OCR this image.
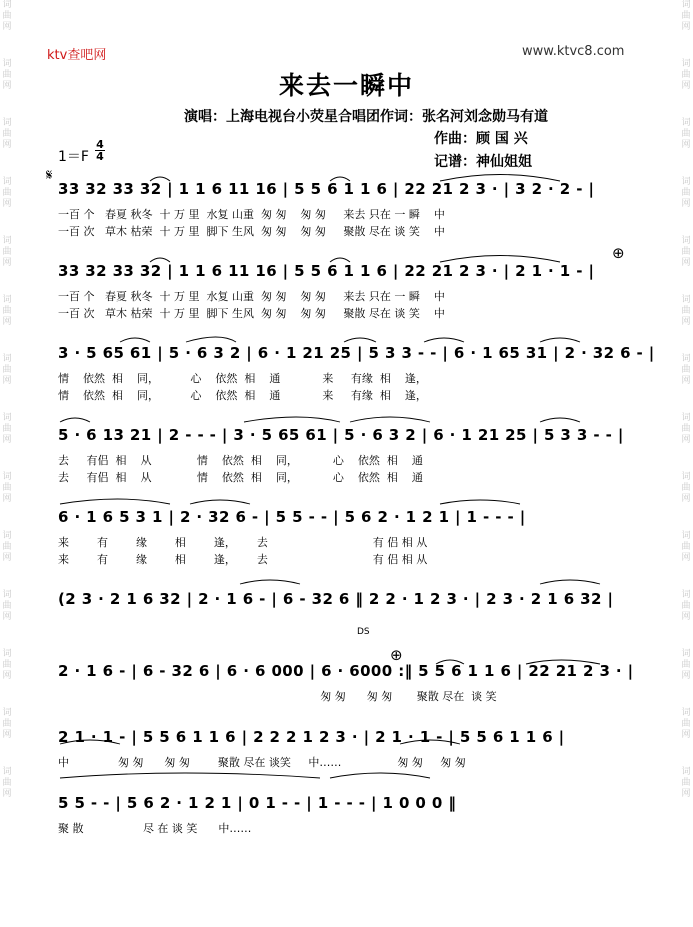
词
曲
网
词
曲
网
词
曲
网
词
曲
网
词
曲
网
词
曲
网
词
曲
网
词
曲
网
词
曲
网
词
曲
网
词
曲
网
词
曲
网
词
曲
网
词
曲
网
词
曲
网
词
曲
网
词
曲
网
词
曲
网
词
曲
网
词
曲
网
词
曲
网
词
曲
网
词
曲
网
词
曲
网
词
曲
网
词
曲
网
词
曲
网
词
曲
网
ktv查吧网	www.ktvc8.com
来去一瞬中
演唱：上海电视台小荧星合唱团作词：张名河刘念勋马有道
作曲：顾 国 兴
记谱：神仙姐姐
1＝F
4
4
𝄋
⊕
⊕
DS
33 32 33 32 | 1 1 6 11 16 | 5 5 6 1 1 6 | 22 21 2 3 · | 3 2 · 2 - |
一百 个   春夏 秋冬  十 万 里  水复 山重  匆 匆    匆 匆     来去 只在 一 瞬    中
一百 次   草木 枯荣  十 万 里  脚下 生风  匆 匆    匆 匆     聚散 尽在 谈 笑    中
33 32 33 32 | 1 1 6 11 16 | 5 5 6 1 1 6 | 22 21 2 3 · | 2 1 · 1 - |
一百 个   春夏 秋冬  十 万 里  水复 山重  匆 匆    匆 匆     来去 只在 一 瞬    中
一百 次   草木 枯荣  十 万 里  脚下 生风  匆 匆    匆 匆     聚散 尽在 谈 笑    中
3 · 5 65 61 | 5 · 6 3 2 | 6 · 1 21 25 | 5 3 3 - - | 6 · 1 65 31 | 2 · 32 6 - |
情    依然  相    同，         心    依然  相    通            来     有缘  相    逢，
情    依然  相    同，         心    依然  相    通            来     有缘  相    逢，
5 · 6 13 21 | 2 - - - | 3 · 5 65 61 | 5 · 6 3 2 | 6 · 1 21 25 | 5 3 3 - - |
去     有侣  相    从             情    依然  相    同，          心    依然  相    通
去     有侣  相    从             情    依然  相    同，          心    依然  相    通
6 · 1 6 5 3 1 | 2 · 32 6 - | 5 5 - - | 5 6 2 · 1 2 1 | 1 - - - |
来        有        缘        相        逢，      去                              有 侣 相 从
来        有        缘        相        逢，      去                              有 侣 相 从
(2 3 · 2 1 6 32 | 2 · 1 6 - | 6 - 32 6 ‖ 2 2 · 1 2 3 · | 2 3 · 2 1 6 32 |
2 · 1 6 - | 6 - 32 6 | 6 · 6 000 | 6 · 6000 :‖ 5 5 6 1 1 6 | 22 21 2 3 · |
匆 匆      匆 匆       聚散 尽在  谈 笑
2 1 · 1 - | 5 5 6 1 1 6 | 2 2 2 1 2 3 · | 2 1 · 1 - | 5 5 6 1 1 6 |
中              匆 匆      匆 匆        聚散 尽在 谈笑     中……                匆 匆     匆 匆
5 5 - - | 5 6 2 · 1 2 1 | 0 1 - - | 1 - - - | 1 0 0 0 ‖
聚 散                 尽 在 谈 笑      中……
